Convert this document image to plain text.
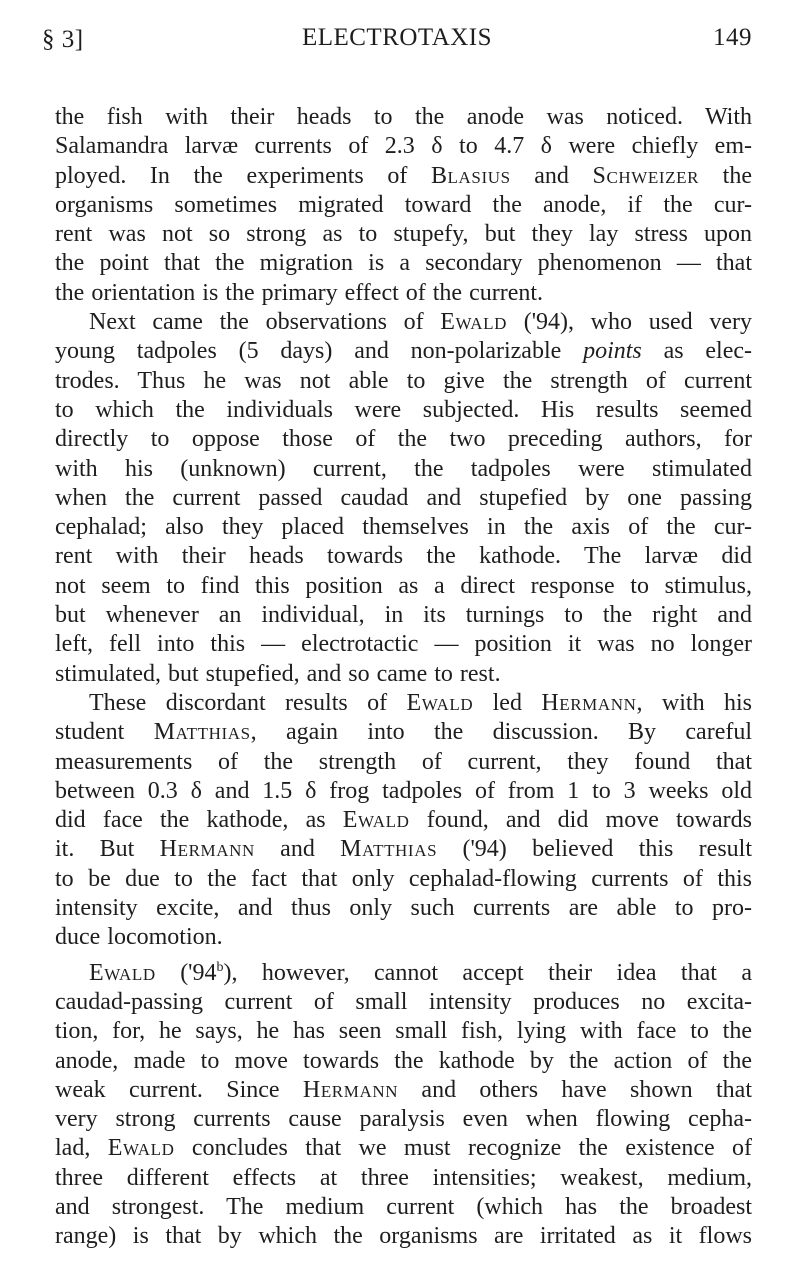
§ 3]	ELECTROTAXIS	149

the fish with their heads to the anode was noticed. With
Salamandra larvæ currents of 2.3 δ to 4.7 δ were chiefly em-
ployed. In the experiments of Blasius and Schweizer the
organisms sometimes migrated toward the anode, if the cur-
rent was not so strong as to stupefy, but they lay stress upon
the point that the migration is a secondary phenomenon — that
the orientation is the primary effect of the current.

Next came the observations of Ewald ('94), who used very
young tadpoles (5 days) and non-polarizable points as elec-
trodes. Thus he was not able to give the strength of current
to which the individuals were subjected. His results seemed
directly to oppose those of the two preceding authors, for
with his (unknown) current, the tadpoles were stimulated
when the current passed caudad and stupefied by one passing
cephalad; also they placed themselves in the axis of the cur-
rent with their heads towards the kathode. The larvæ did
not seem to find this position as a direct response to stimulus,
but whenever an individual, in its turnings to the right and
left, fell into this — electrotactic — position it was no longer
stimulated, but stupefied, and so came to rest.

These discordant results of Ewald led Hermann, with his
student Matthias, again into the discussion. By careful
measurements of the strength of current, they found that
between 0.3 δ and 1.5 δ frog tadpoles of from 1 to 3 weeks old
did face the kathode, as Ewald found, and did move towards
it. But Hermann and Matthias ('94) believed this result
to be due to the fact that only cephalad-flowing currents of this
intensity excite, and thus only such currents are able to pro-
duce locomotion.

Ewald ('94$^b$), however, cannot accept their idea that a
caudad-passing current of small intensity produces no excita-
tion, for, he says, he has seen small fish, lying with face to the
anode, made to move towards the kathode by the action of the
weak current. Since Hermann and others have shown that
very strong currents cause paralysis even when flowing cepha-
lad, Ewald concludes that we must recognize the existence of
three different effects at three intensities; weakest, medium,
and strongest. The medium current (which has the broadest
range) is that by which the organisms are irritated as it flows
